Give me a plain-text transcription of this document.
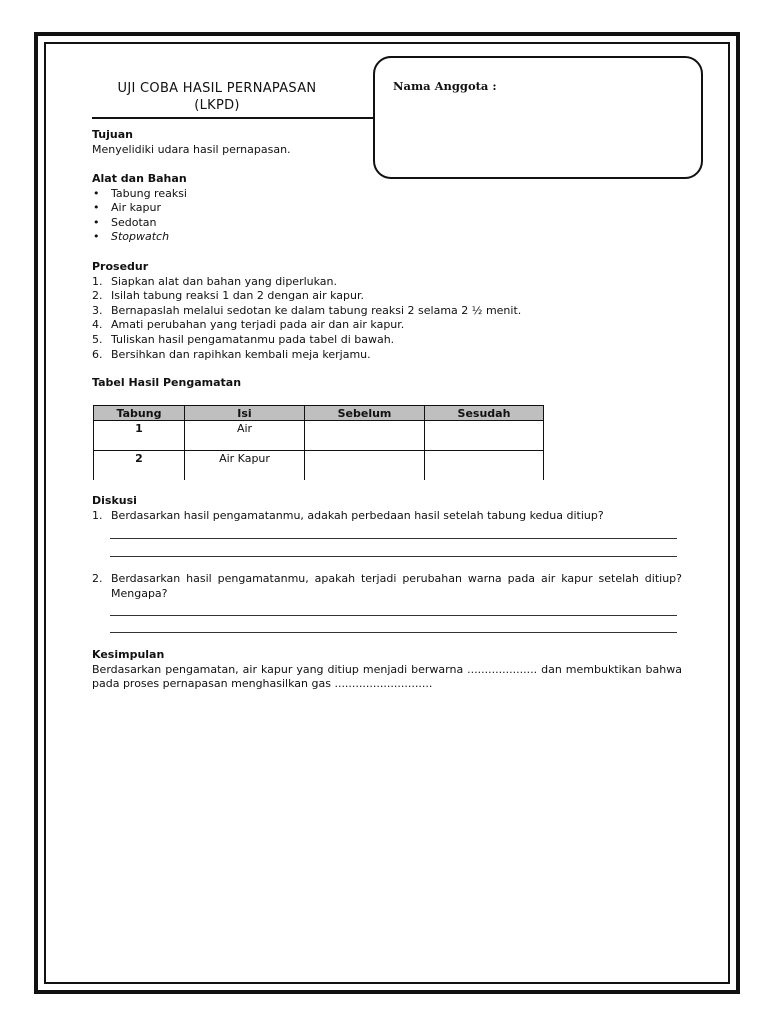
UJI COBA HASIL PERNAPASAN
(LKPD)
Nama Anggota :
Tujuan
Menyelidiki udara hasil pernapasan.
Alat dan Bahan
• Tabung reaksi
• Air kapur
• Sedotan
• Stopwatch
Prosedur
1. Siapkan alat dan bahan yang diperlukan.
2. Isilah tabung reaksi 1 dan 2 dengan air kapur.
3. Bernapaslah melalui sedotan ke dalam tabung reaksi 2 selama 2 ½ menit.
4. Amati perubahan yang terjadi pada air dan air kapur.
5. Tuliskan hasil pengamatanmu pada tabel di bawah.
6. Bersihkan dan rapihkan kembali meja kerjamu.
Tabel Hasil Pengamatan
Tabung	Isi	Sebelum	Sesudah
1	Air		
2	Air Kapur		
Diskusi
1. Berdasarkan hasil pengamatanmu, adakah perbedaan hasil setelah tabung kedua ditiup?
2. Berdasarkan hasil pengamatanmu, apakah terjadi perubahan warna pada air kapur setelah ditiup? Mengapa?
Kesimpulan
Berdasarkan pengamatan, air kapur yang ditiup menjadi berwarna .................... dan membuktikan bahwa pada proses pernapasan menghasilkan gas ............................
